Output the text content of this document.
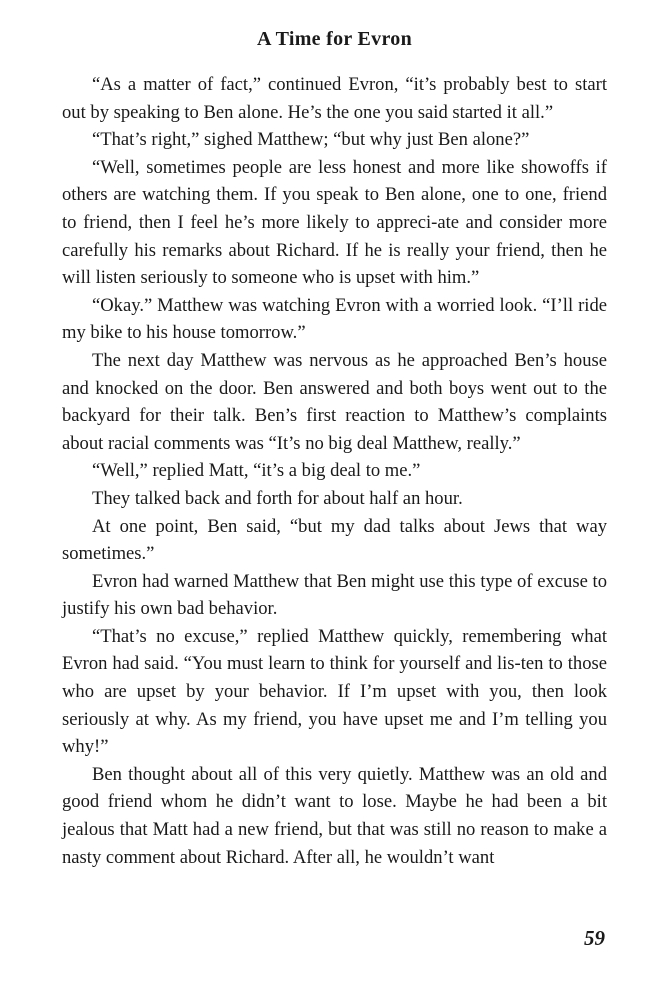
A Time for Evron

“As a matter of fact,” continued Evron, “it’s probably best to start out by speaking to Ben alone. He’s the one you said started it all.”

“That’s right,” sighed Matthew; “but why just Ben alone?”

“Well, sometimes people are less honest and more like showoffs if others are watching them. If you speak to Ben alone, one to one, friend to friend, then I feel he’s more likely to appreci-ate and consider more carefully his remarks about Richard. If he is really your friend, then he will listen seriously to someone who is upset with him.”

“Okay.” Matthew was watching Evron with a worried look. “I’ll ride my bike to his house tomorrow.”

The next day Matthew was nervous as he approached Ben’s house and knocked on the door. Ben answered and both boys went out to the backyard for their talk. Ben’s first reaction to Matthew’s complaints about racial comments was “It’s no big deal Matthew, really.”

“Well,” replied Matt, “it’s a big deal to me.”

They talked back and forth for about half an hour.

At one point, Ben said, “but my dad talks about Jews that way sometimes.”

Evron had warned Matthew that Ben might use this type of excuse to justify his own bad behavior.

“That’s no excuse,” replied Matthew quickly, remembering what Evron had said. “You must learn to think for yourself and lis-ten to those who are upset by your behavior. If I’m upset with you, then look seriously at why. As my friend, you have upset me and I’m telling you why!”

Ben thought about all of this very quietly. Matthew was an old and good friend whom he didn’t want to lose. Maybe he had been a bit jealous that Matt had a new friend, but that was still no reason to make a nasty comment about Richard. After all, he wouldn’t want

59
